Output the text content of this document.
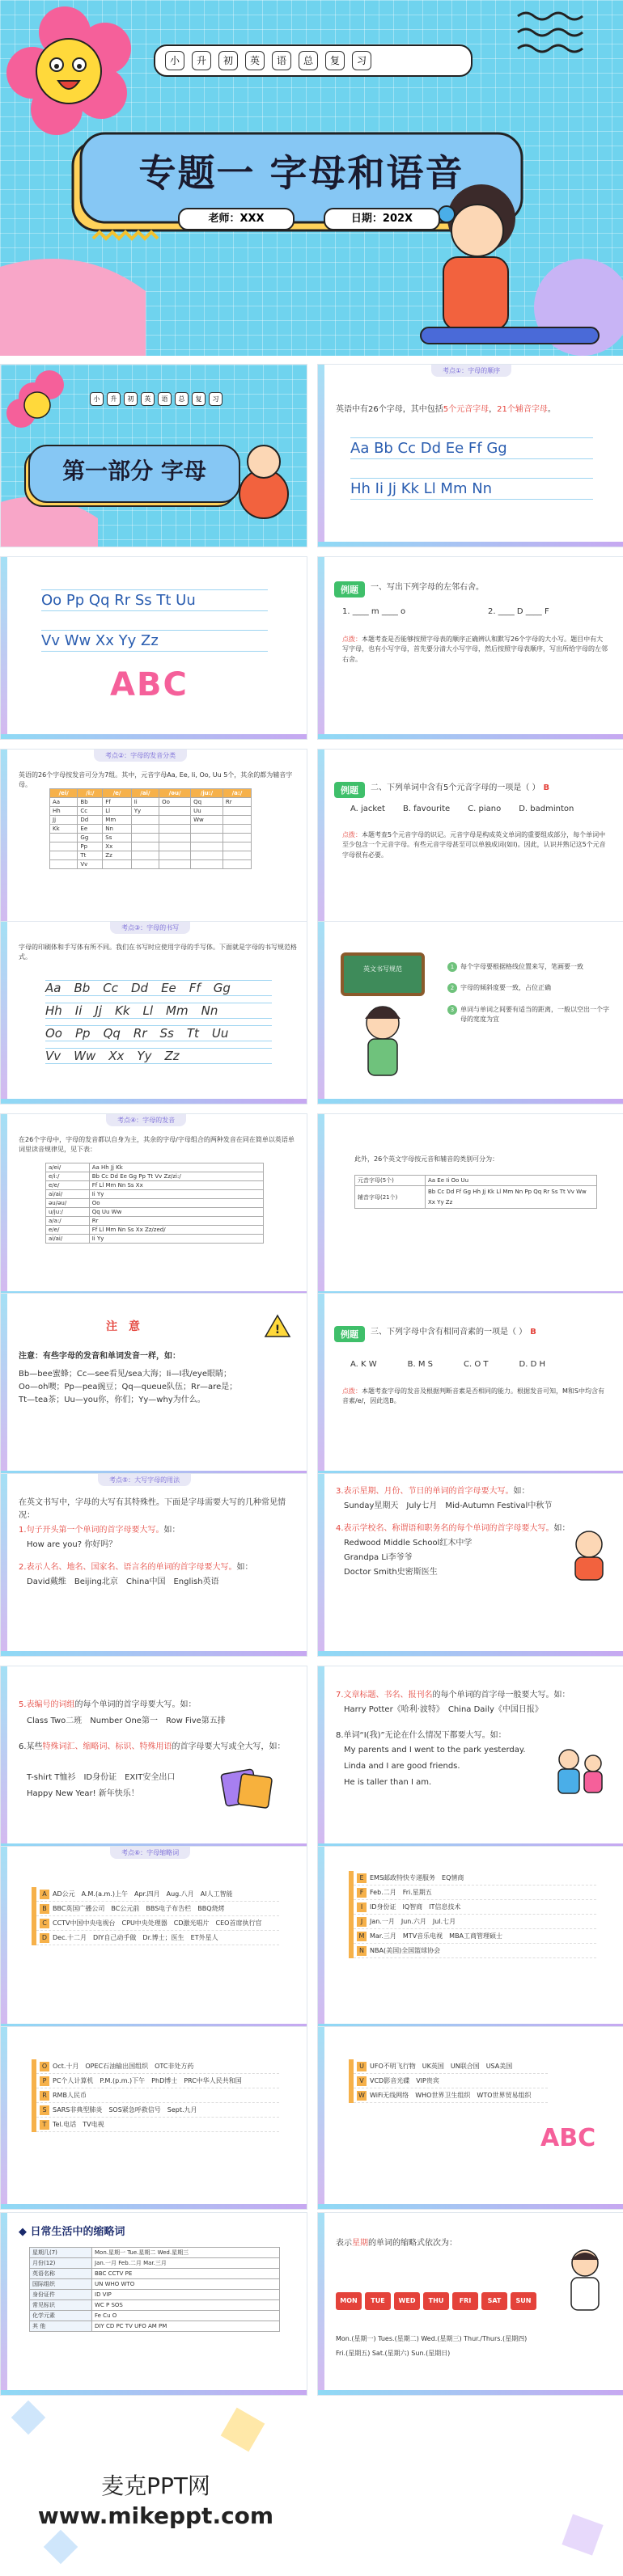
小 升 初 英 语 总 复 习
专题一 字母和语音
老师：XXX	日期：202X
小 升 初 英 语 总 复 习
第一部分 字母
考点①：字母的顺序
英语中有26个字母，其中包括5个元音字母，21个辅音字母。
Aa Bb Cc Dd Ee Ff Gg
Hh Ii Jj Kk Ll Mm Nn
Oo Pp Qq Rr Ss Tt Uu
Vv Ww Xx Yy Zz
ABC
例题	一、写出下列字母的左邻右舍。
1. ____ m ____ o	2. ____ D ____ F
点拨：本题考查是否能够按照字母表的顺序正确辨认和默写26个字母的大小写。题目中有大写字母，也有小写字母，首先要分清大小写字母，然后按照字母表顺序，写出所给字母的左邻右舍。
考点②：字母的发音分类
英语的26个字母按发音可分为7组。其中，元音字母Aa, Ee, Ii, Oo, Uu 5个，其余的都为辅音字母。
/ei/	/i:/	/e/	/ai/	/əu/	/ju:/	/a:/
Aa	Bb	Ff	Ii	Oo	Qq	Rr
Hh	Cc	Ll	Yy		Uu	
Jj	Dd	Mm			Ww	
Kk	Ee	Nn				
	Gg	Ss				
	Pp	Xx				
	Tt	Zz				
	Vv					
例题	二、下列单词中含有5个元音字母的一项是（ ） B
A. jacket B. favourite C. piano D. badminton
点拨：本题考查5个元音字母的识记。元音字母是构成英文单词的重要组成部分，每个单词中至少包含一个元音字母。有些元音字母甚至可以单独成词(如I)。因此，认识并熟记这5个元音字母很有必要。
考点③：字母的书写
字母的印刷体和手写体有所不同。我们在书写时应使用字母的手写体。下面就是字母的书写规范格式。
Aa Bb Cc Dd Ee Ff Gg
Hh Ii Jj Kk Ll Mm Nn
Oo Pp Qq Rr Ss Tt Uu
Vv Ww Xx Yy Zz
英文书写规范	1 每个字母要根据格线位置来写，笔画要一致
2 字母的倾斜度要一致，占位正确
3 单词与单词之间要有适当的距离，一般以空出一个字母的宽度为宜
考点④：字母的发音
在26个字母中，字母的发音都以自身为主，其余的字母/字母组合的两种发音在同在简单以英语单词里读音规律见，见下表：
a/ei/	Aa Hh Jj Kk
e/i:/	Bb Cc Dd Ee Gg Pp Tt Vv Zz/zi:/
e/e/	Ff Ll Mm Nn Ss Xx
ai/ai/	Ii Yy
əu/əu/	Oo
u/ju:/	Qq Uu Ww
a/a:/	Rr
e/e/	Ff Ll Mm Nn Ss Xx Zz/zed/
ai/ai/	Ii Yy
此外，26个英文字母按元音和辅音的类别可分为：
元音字母(5个)	Aa Ee Ii Oo Uu
辅音字母(21个)	Bb Cc Dd Ff Gg Hh Jj Kk Ll Mm Nn Pp Qq Rr Ss Tt Vv Ww Xx Yy Zz
注　意	!
注意：有些字母的发音和单词发音一样，如：
Bb—bee蜜蜂；Cc—see看见/sea大海；Ii—I我/eye眼睛；
Oo—oh噢；Pp—pea豌豆；Qq—queue队伍；Rr—are是；
Tt—tea茶；Uu—you你，你们；Yy—why为什么。
例题	三、下列字母中含有相同音素的一项是（ ） B
A. K W	B. M S	C. O T	D. D H
点拨：本题考查字母的发音及根据判断音素是否相同的能力。根据发音可知，M和S中均含有音素/e/，因此选B。
考点⑤：大写字母的用法
在英文书写中，字母的大写有其特殊性。下面是字母需要大写的几种常见情况：
1.句子开头第一个单词的首字母要大写。如：
How are you? 你好吗？
2.表示人名、地名、国家名、语言名的单词的首字母要大写。如：
David戴维　Beijing北京　China中国　English英语
3.表示星期、月份、节日的单词的首字母要大写。如：
Sunday星期天　July七月　Mid-Autumn Festival中秋节
4.表示学校名、称谓语和职务名的每个单词的首字母要大写。如：
Redwood Middle School红木中学
Grandpa Li李爷爷
Doctor Smith史密斯医生
5.表编号的词组的每个单词的首字母要大写。如：
Class Two二班　Number One第一　Row Five第五排
6.某些特殊词汇、缩略词、标识、特殊用语的首字母要大写或全大写，如：
T-shirt T恤衫　ID身份证　EXIT安全出口
Happy New Year! 新年快乐！
7.文章标题、书名、报刊名的每个单词的首字母一般要大写。如：
Harry Potter《哈利·波特》　China Daily《中国日报》
8.单词“I(我)”无论在什么情况下都要大写。如：
My parents and I went to the park yesterday.
Linda and I are good friends.
He is taller than I am.
考点⑥：字母缩略词
A AD公元　A.M.(a.m.)上午　Apr.四月　Aug.八月　AI人工智能
B BBC英国广播公司　BC公元前　BBS电子布告栏　BBQ烧烤
C CCTV中国中央电视台　CPU中央处理器　CD激光唱片　CEO首席执行官
D Dec.十二月　DIY自己动手做　Dr.博士；医生　ET外星人
E EMS邮政特快专递服务　EQ情商
F Feb.二月　Fri.星期五
I ID身份证　IQ智商　IT信息技术
J Jan.一月　Jun.六月　Jul.七月
M Mar.三月　MTV音乐电视　MBA工商管理硕士
N NBA(美国)全国篮球协会
O Oct.十月　OPEC石油输出国组织　OTC非处方药
P PC个人计算机　P.M.(p.m.)下午　PhD博士　PRC中华人民共和国
R RMB人民币
S SARS非典型肺炎　SOS紧急呼救信号　Sept.九月
T Tel.电话　TV电视
U UFO不明飞行物　UK英国　UN联合国　USA美国
V VCD影音光碟　VIP贵宾
W WiFi无线网络　WHO世界卫生组织　WTO世界贸易组织
ABC
◆ 日常生活中的缩略词
星期几(7)	Mon.星期一 Tue.星期二 Wed.星期三
月份(12)	Jan.一月 Feb.二月 Mar.三月
英语名称	BBC CCTV PE
国际组织	UN WHO WTO
身份证件	ID VIP
常见标识	WC P SOS
化学元素	Fe Cu O
其 他	DIY CD PC TV UFO AM PM
表示星期的单词的缩略式依次为：
MON TUE WED THU FRI	SAT SUN
Mon.(星期一) Tues.(星期二) Wed.(星期三) Thur./Thurs.(星期四)
Fri.(星期五) Sat.(星期六) Sun.(星期日)
麦克PPT网
www.mikeppt.com
